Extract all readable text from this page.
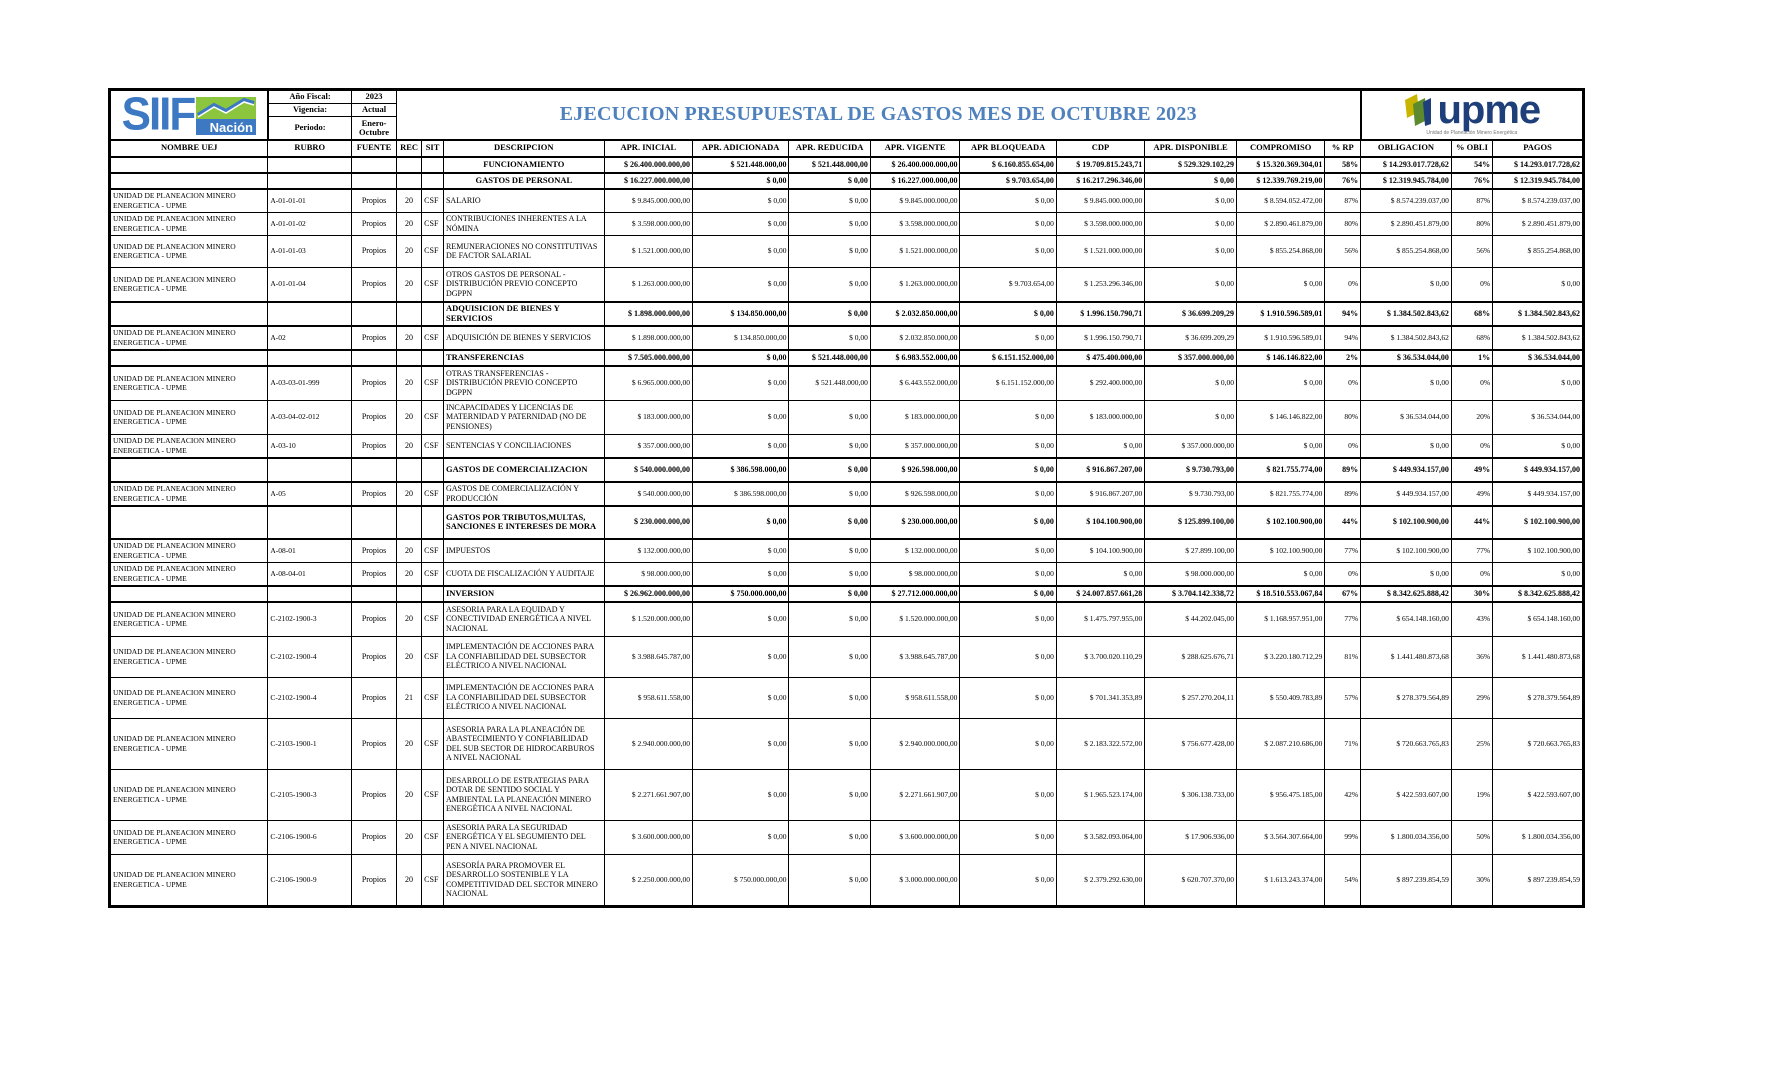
SIIF Nación	Año Fiscal:	2023	EJECUCION PRESUPUESTAL DE GASTOS MES DE OCTUBRE 2023												upme
Unidad de Planeación Minero Energética		

	Vigencia:	Actual															
	Periodo:	Enero-Octubre															
NOMBRE UEJ	RUBRO	FUENTE	REC	SIT	DESCRIPCION	APR. INICIAL	APR. ADICIONADA	APR. REDUCIDA	APR. VIGENTE	APR BLOQUEADA	CDP	APR. DISPONIBLE	COMPROMISO	% RP	OBLIGACION	% OBLI	PAGOS
					FUNCIONAMIENTO	$ 26.400.000.000,00	$ 521.448.000,00	$ 521.448.000,00	$ 26.400.000.000,00	$ 6.160.855.654,00	$ 19.709.815.243,71	$ 529.329.102,29	$ 15.320.369.304,01	58%	$ 14.293.017.728,62	54%	$ 14.293.017.728,62
					GASTOS DE PERSONAL	$ 16.227.000.000,00	$ 0,00	$ 0,00	$ 16.227.000.000,00	$ 9.703.654,00	$ 16.217.296.346,00	$ 0,00	$ 12.339.769.219,00	76%	$ 12.319.945.784,00	76%	$ 12.319.945.784,00
UNIDAD DE PLANEACION MINERO ENERGETICA - UPME	A-01-01-01	Propios	20	CSF	SALARIO	$ 9.845.000.000,00	$ 0,00	$ 0,00	$ 9.845.000.000,00	$ 0,00	$ 9.845.000.000,00	$ 0,00	$ 8.594.052.472,00	87%	$ 8.574.239.037,00	87%	$ 8.574.239.037,00
UNIDAD DE PLANEACION MINERO ENERGETICA - UPME	A-01-01-02	Propios	20	CSF	CONTRIBUCIONES INHERENTES A LA NÓMINA	$ 3.598.000.000,00	$ 0,00	$ 0,00	$ 3.598.000.000,00	$ 0,00	$ 3.598.000.000,00	$ 0,00	$ 2.890.461.879,00	80%	$ 2.890.451.879,00	80%	$ 2.890.451.879,00
UNIDAD DE PLANEACION MINERO ENERGETICA - UPME	A-01-01-03	Propios	20	CSF	REMUNERACIONES NO CONSTITUTIVAS DE FACTOR SALARIAL	$ 1.521.000.000,00	$ 0,00	$ 0,00	$ 1.521.000.000,00	$ 0,00	$ 1.521.000.000,00	$ 0,00	$ 855.254.868,00	56%	$ 855.254.868,00	56%	$ 855.254.868,00
UNIDAD DE PLANEACION MINERO ENERGETICA - UPME	A-01-01-04	Propios	20	CSF	OTROS GASTOS DE PERSONAL - DISTRIBUCIÓN PREVIO CONCEPTO DGPPN	$ 1.263.000.000,00	$ 0,00	$ 0,00	$ 1.263.000.000,00	$ 9.703.654,00	$ 1.253.296.346,00	$ 0,00	$ 0,00	0%	$ 0,00	0%	$ 0,00
					ADQUISICION DE BIENES Y SERVICIOS	$ 1.898.000.000,00	$ 134.850.000,00	$ 0,00	$ 2.032.850.000,00	$ 0,00	$ 1.996.150.790,71	$ 36.699.209,29	$ 1.910.596.589,01	94%	$ 1.384.502.843,62	68%	$ 1.384.502.843,62
UNIDAD DE PLANEACION MINERO ENERGETICA - UPME	A-02	Propios	20	CSF	ADQUISICIÓN DE BIENES Y SERVICIOS	$ 1.898.000.000,00	$ 134.850.000,00	$ 0,00	$ 2.032.850.000,00	$ 0,00	$ 1.996.150.790,71	$ 36.699.209,29	$ 1.910.596.589,01	94%	$ 1.384.502.843,62	68%	$ 1.384.502.843,62
					TRANSFERENCIAS	$ 7.505.000.000,00	$ 0,00	$ 521.448.000,00	$ 6.983.552.000,00	$ 6.151.152.000,00	$ 475.400.000,00	$ 357.000.000,00	$ 146.146.822,00	2%	$ 36.534.044,00	1%	$ 36.534.044,00
UNIDAD DE PLANEACION MINERO ENERGETICA - UPME	A-03-03-01-999	Propios	20	CSF	OTRAS TRANSFERENCIAS - DISTRIBUCIÓN PREVIO CONCEPTO DGPPN	$ 6.965.000.000,00	$ 0,00	$ 521.448.000,00	$ 6.443.552.000,00	$ 6.151.152.000,00	$ 292.400.000,00	$ 0,00	$ 0,00	0%	$ 0,00	0%	$ 0,00
UNIDAD DE PLANEACION MINERO ENERGETICA - UPME	A-03-04-02-012	Propios	20	CSF	INCAPACIDADES Y LICENCIAS DE MATERNIDAD Y PATERNIDAD (NO DE PENSIONES)	$ 183.000.000,00	$ 0,00	$ 0,00	$ 183.000.000,00	$ 0,00	$ 183.000.000,00	$ 0,00	$ 146.146.822,00	80%	$ 36.534.044,00	20%	$ 36.534.044,00
UNIDAD DE PLANEACION MINERO ENERGETICA - UPME	A-03-10	Propios	20	CSF	SENTENCIAS Y CONCILIACIONES	$ 357.000.000,00	$ 0,00	$ 0,00	$ 357.000.000,00	$ 0,00	$ 0,00	$ 357.000.000,00	$ 0,00	0%	$ 0,00	0%	$ 0,00
					GASTOS DE COMERCIALIZACION	$ 540.000.000,00	$ 386.598.000,00	$ 0,00	$ 926.598.000,00	$ 0,00	$ 916.867.207,00	$ 9.730.793,00	$ 821.755.774,00	89%	$ 449.934.157,00	49%	$ 449.934.157,00
UNIDAD DE PLANEACION MINERO ENERGETICA - UPME	A-05	Propios	20	CSF	GASTOS DE COMERCIALIZACIÓN Y PRODUCCIÓN	$ 540.000.000,00	$ 386.598.000,00	$ 0,00	$ 926.598.000,00	$ 0,00	$ 916.867.207,00	$ 9.730.793,00	$ 821.755.774,00	89%	$ 449.934.157,00	49%	$ 449.934.157,00
					GASTOS POR TRIBUTOS,MULTAS, SANCIONES E INTERESES DE MORA	$ 230.000.000,00	$ 0,00	$ 0,00	$ 230.000.000,00	$ 0,00	$ 104.100.900,00	$ 125.899.100,00	$ 102.100.900,00	44%	$ 102.100.900,00	44%	$ 102.100.900,00
UNIDAD DE PLANEACION MINERO ENERGETICA - UPME	A-08-01	Propios	20	CSF	IMPUESTOS	$ 132.000.000,00	$ 0,00	$ 0,00	$ 132.000.000,00	$ 0,00	$ 104.100.900,00	$ 27.899.100,00	$ 102.100.900,00	77%	$ 102.100.900,00	77%	$ 102.100.900,00
UNIDAD DE PLANEACION MINERO ENERGETICA - UPME	A-08-04-01	Propios	20	CSF	CUOTA DE FISCALIZACIÓN Y AUDITAJE	$ 98.000.000,00	$ 0,00	$ 0,00	$ 98.000.000,00	$ 0,00	$ 0,00	$ 98.000.000,00	$ 0,00	0%	$ 0,00	0%	$ 0,00
					INVERSION	$ 26.962.000.000,00	$ 750.000.000,00	$ 0,00	$ 27.712.000.000,00	$ 0,00	$ 24.007.857.661,28	$ 3.704.142.338,72	$ 18.510.553.067,84	67%	$ 8.342.625.888,42	30%	$ 8.342.625.888,42
UNIDAD DE PLANEACION MINERO ENERGETICA - UPME	C-2102-1900-3	Propios	20	CSF	ASESORIA PARA LA EQUIDAD Y CONECTIVIDAD ENERGÉTICA A NIVEL NACIONAL	$ 1.520.000.000,00	$ 0,00	$ 0,00	$ 1.520.000.000,00	$ 0,00	$ 1.475.797.955,00	$ 44.202.045,00	$ 1.168.957.951,00	77%	$ 654.148.160,00	43%	$ 654.148.160,00
UNIDAD DE PLANEACION MINERO ENERGETICA - UPME	C-2102-1900-4	Propios	20	CSF	IMPLEMENTACIÓN DE ACCIONES PARA LA CONFIABILIDAD DEL SUBSECTOR ELÉCTRICO A NIVEL NACIONAL	$ 3.988.645.787,00	$ 0,00	$ 0,00	$ 3.988.645.787,00	$ 0,00	$ 3.700.020.110,29	$ 288.625.676,71	$ 3.220.180.712,29	81%	$ 1.441.480.873,68	36%	$ 1.441.480.873,68
UNIDAD DE PLANEACION MINERO ENERGETICA - UPME	C-2102-1900-4	Propios	21	CSF	IMPLEMENTACIÓN DE ACCIONES PARA LA CONFIABILIDAD DEL SUBSECTOR ELÉCTRICO A NIVEL NACIONAL	$ 958.611.558,00	$ 0,00	$ 0,00	$ 958.611.558,00	$ 0,00	$ 701.341.353,89	$ 257.270.204,11	$ 550.409.783,89	57%	$ 278.379.564,89	29%	$ 278.379.564,89
UNIDAD DE PLANEACION MINERO ENERGETICA - UPME	C-2103-1900-1	Propios	20	CSF	ASESORIA PARA LA PLANEACIÓN DE ABASTECIMIENTO Y CONFIABILIDAD DEL SUB SECTOR DE HIDROCARBUROS A NIVEL NACIONAL	$ 2.940.000.000,00	$ 0,00	$ 0,00	$ 2.940.000.000,00	$ 0,00	$ 2.183.322.572,00	$ 756.677.428,00	$ 2.087.210.686,00	71%	$ 720.663.765,83	25%	$ 720.663.765,83
UNIDAD DE PLANEACION MINERO ENERGETICA - UPME	C-2105-1900-3	Propios	20	CSF	DESARROLLO DE ESTRATEGIAS PARA DOTAR DE SENTIDO SOCIAL Y AMBIENTAL LA PLANEACIÓN MINERO ENERGÉTICA A NIVEL NACIONAL	$ 2.271.661.907,00	$ 0,00	$ 0,00	$ 2.271.661.907,00	$ 0,00	$ 1.965.523.174,00	$ 306.138.733,00	$ 956.475.185,00	42%	$ 422.593.607,00	19%	$ 422.593.607,00
UNIDAD DE PLANEACION MINERO ENERGETICA - UPME	C-2106-1900-6	Propios	20	CSF	ASESORIA PARA LA SEGURIDAD ENERGÉTICA Y EL SEGUMIENTO DEL PEN A NIVEL NACIONAL	$ 3.600.000.000,00	$ 0,00	$ 0,00	$ 3.600.000.000,00	$ 0,00	$ 3.582.093.064,00	$ 17.906.936,00	$ 3.564.307.664,00	99%	$ 1.800.034.356,00	50%	$ 1.800.034.356,00
UNIDAD DE PLANEACION MINERO ENERGETICA - UPME	C-2106-1900-9	Propios	20	CSF	ASESORÍA PARA PROMOVER EL DESARROLLO SOSTENIBLE Y LA COMPETITIVIDAD DEL SECTOR MINERO NACIONAL	$ 2.250.000.000,00	$ 750.000.000,00	$ 0,00	$ 3.000.000.000,00	$ 0,00	$ 2.379.292.630,00	$ 620.707.370,00	$ 1.613.243.374,00	54%	$ 897.239.854,59	30%	$ 897.239.854,59
